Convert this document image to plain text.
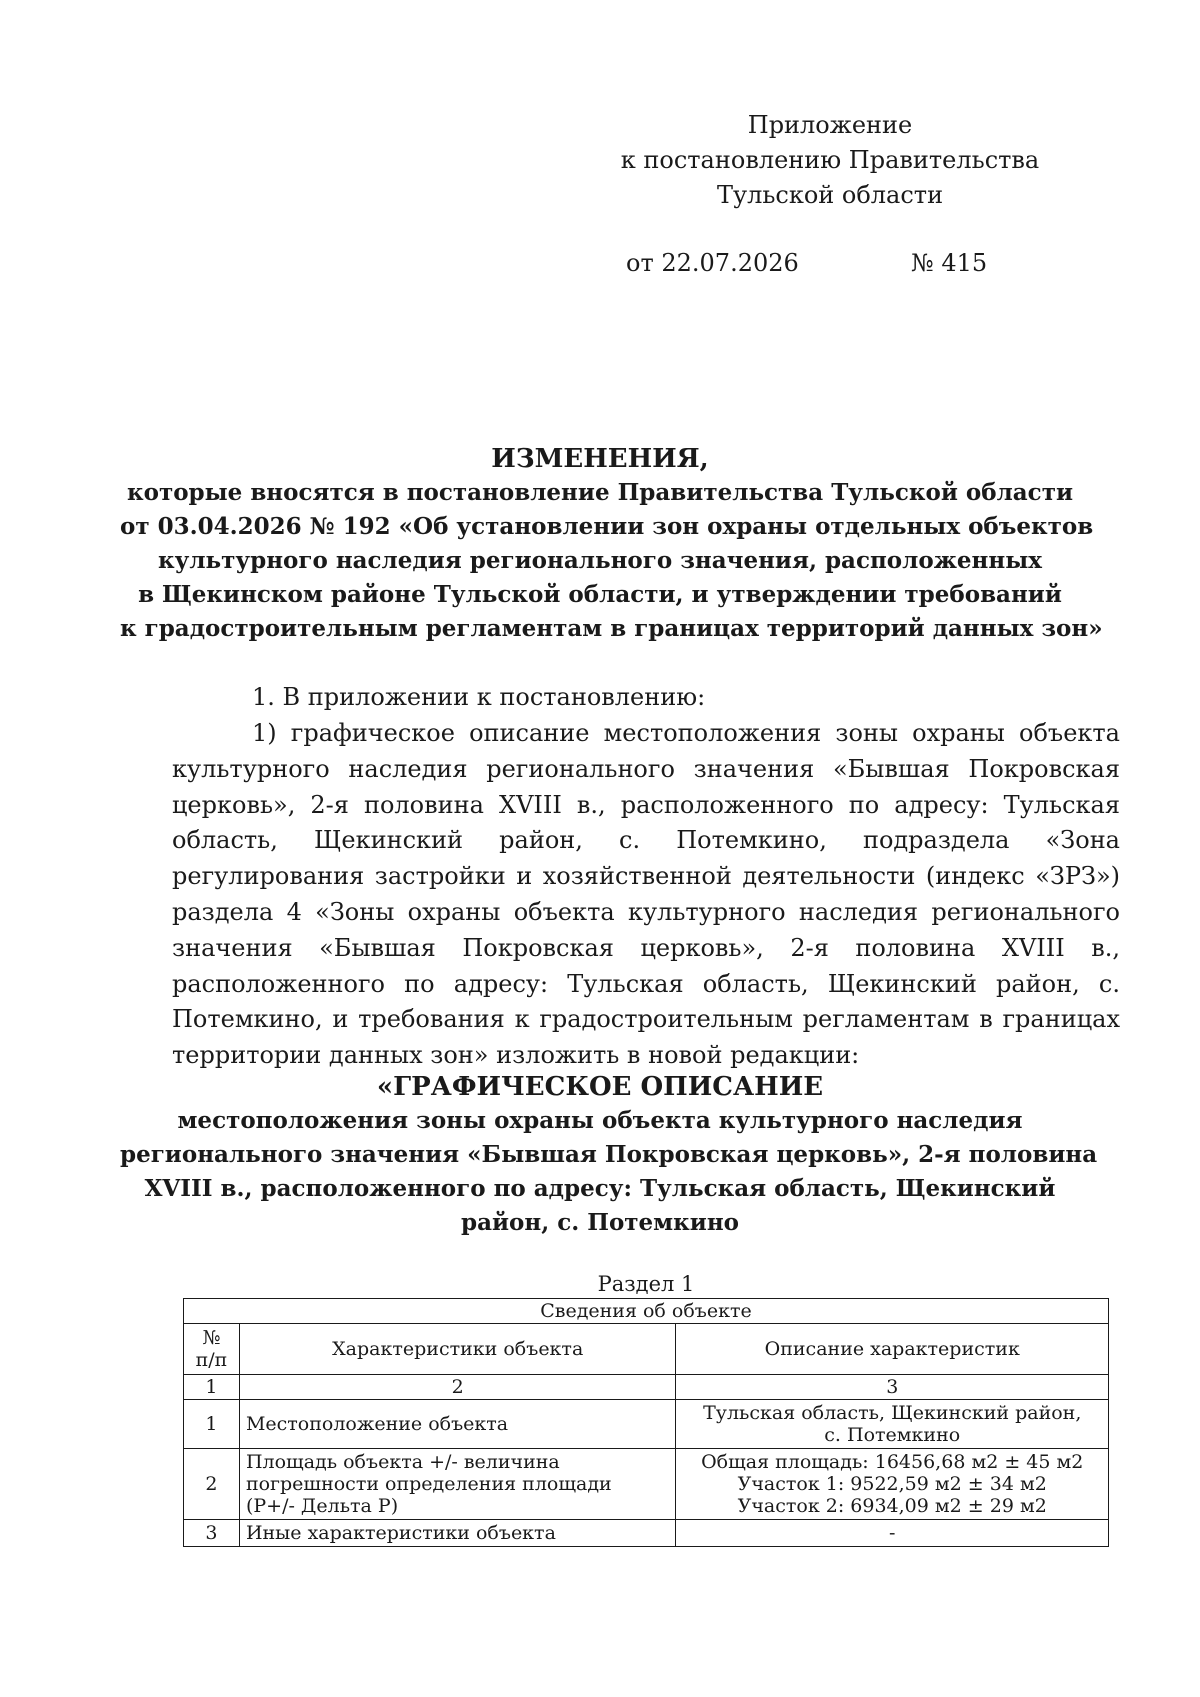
Приложение
к постановлению Правительства
Тульской области
от 22.07.2026	№ 415
ИЗМЕНЕНИЯ,
которые вносятся в постановление Правительства Тульской области
от 03.04.2026 № 192 «Об установлении зон охраны отдельных объектов
культурного наследия регионального значения, расположенных
в Щекинском районе Тульской области, и утверждении требований
к градостроительным регламентам в границах территорий данных зон»
1. В приложении к постановлению:
1) графическое описание местоположения зоны охраны объекта культурного наследия регионального значения «Бывшая Покровская церковь», 2-я половина XVIII в., расположенного по адресу: Тульская область, Щекинский район, с. Потемкино, подраздела «Зона регулирования застройки и хозяйственной деятельности (индекс «ЗРЗ») раздела 4 «Зоны охраны объекта культурного наследия регионального значения «Бывшая Покровская церковь», 2-я половина XVIII в., расположенного по адресу: Тульская область, Щекинский район, с. Потемкино, и требования к градостроительным регламентам в границах территории данных зон» изложить в новой редакции:
«ГРАФИЧЕСКОЕ ОПИСАНИЕ
местоположения зоны охраны объекта культурного наследия
регионального значения «Бывшая Покровская церковь», 2-я половина
XVIII в., расположенного по адресу: Тульская область, Щекинский
район, с. Потемкино
Раздел 1
Сведения об объекте		

№
п/п	Характеристики объекта	Описание характеристик
1	2	3
1	Местоположение объекта	Тульская область, Щекинский район,
с. Потемкино

2	Площадь объекта +/- величина
погрешности определения площади
(P+/- Дельта P)	Общая площадь: 16456,68 м2 ± 45 м2
Участок 1: 9522,59 м2 ± 34 м2
Участок 2: 6934,09 м2 ± 29 м2

3	Иные характеристики объекта	-
